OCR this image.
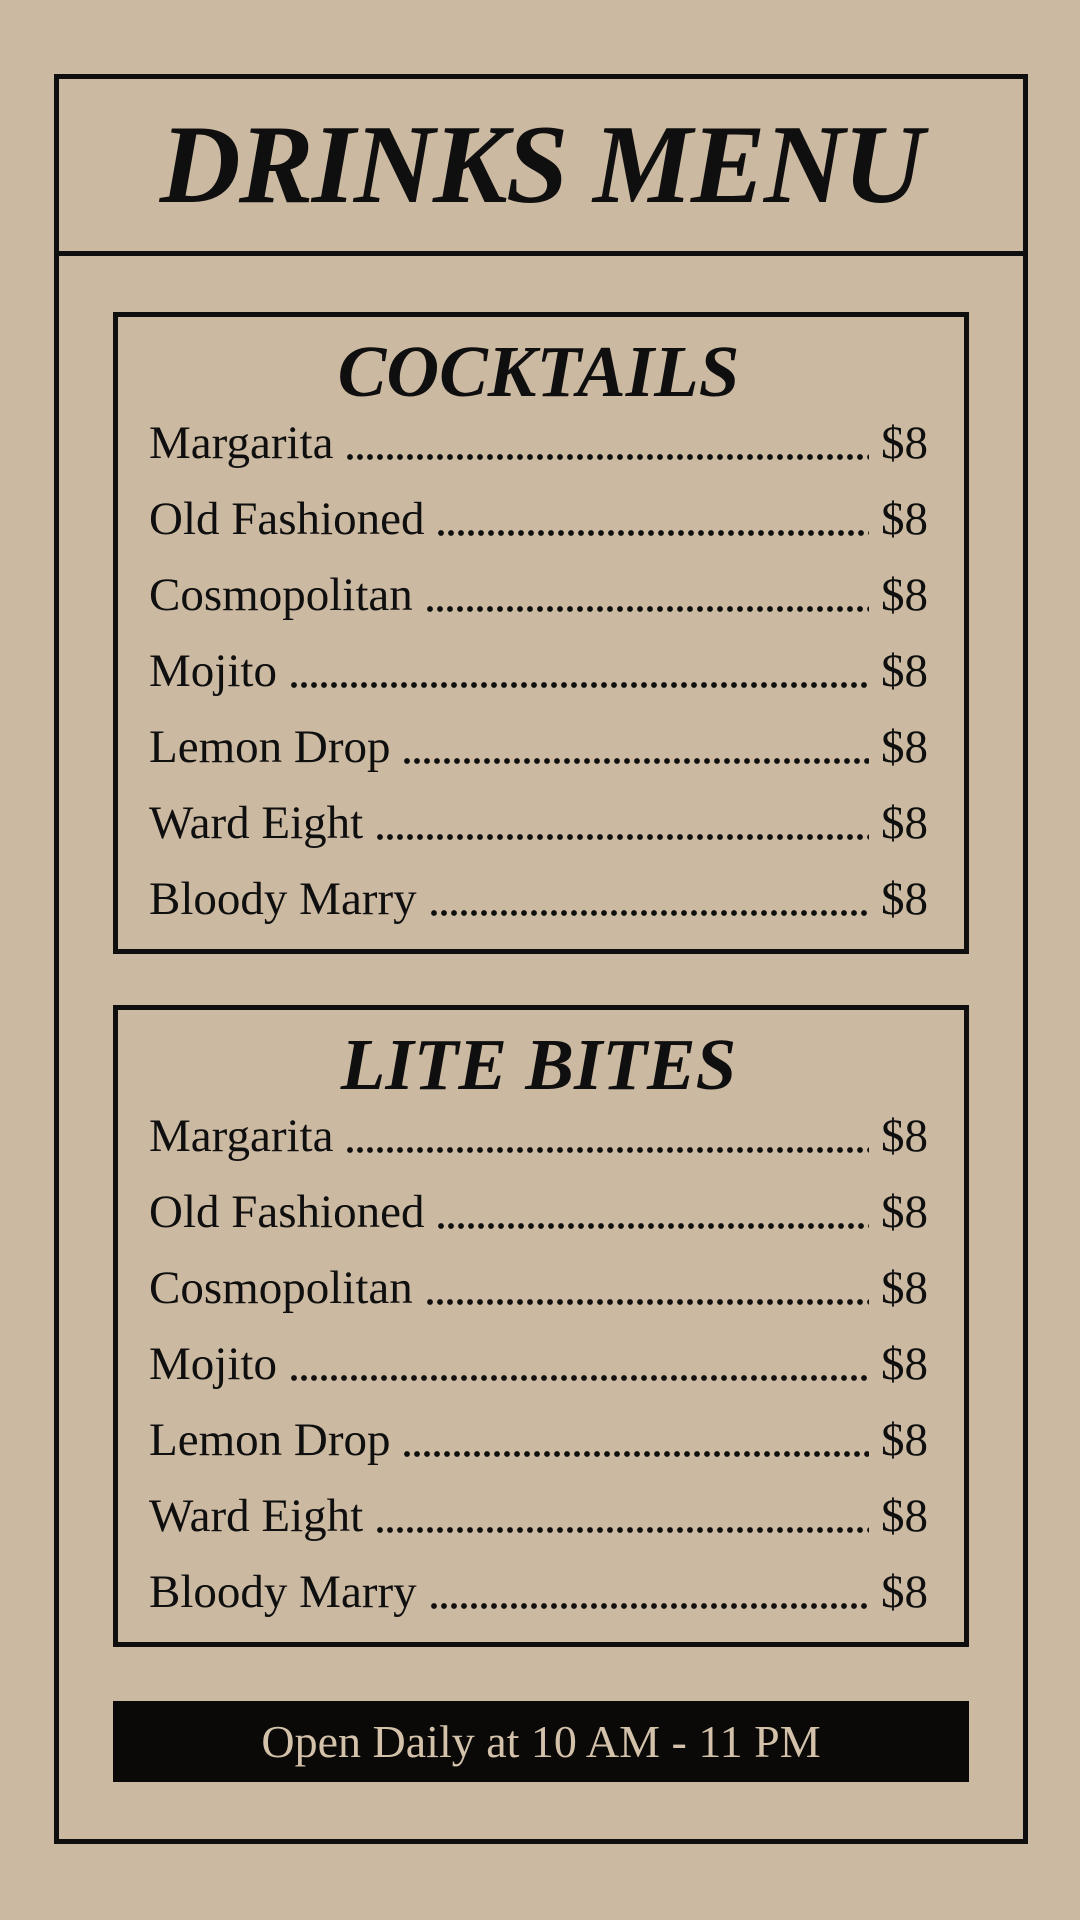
DRINKS MENU
COCKTAILS
Margarita	$8
Old Fashioned	$8
Cosmopolitan	$8
Mojito	$8
Lemon Drop	$8
Ward Eight	$8
Bloody Marry	$8
LITE BITES
Margarita	$8
Old Fashioned	$8
Cosmopolitan	$8
Mojito	$8
Lemon Drop	$8
Ward Eight	$8
Bloody Marry	$8
Open Daily at 10 AM - 11 PM
